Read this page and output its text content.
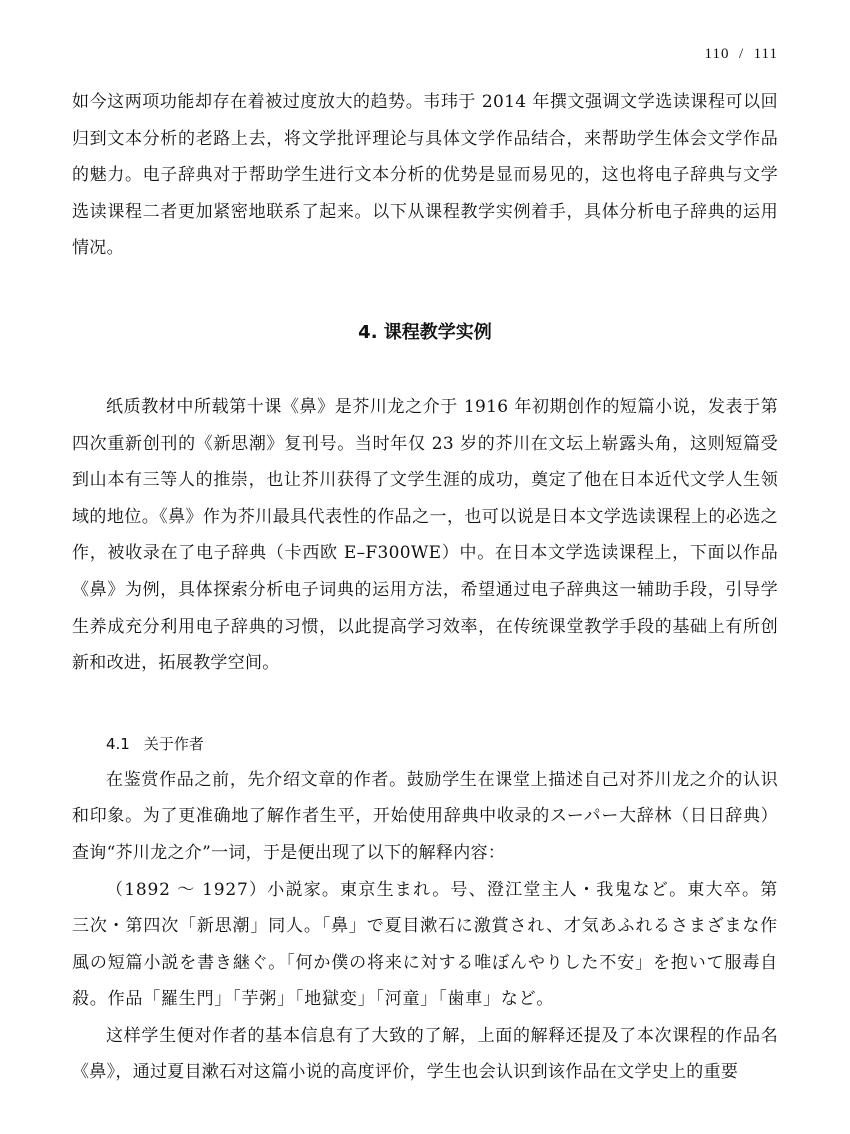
110  /  111

如今这两项功能却存在着被过度放大的趋势。韦玮于 2014 年撰文强调文学选读课程可以回归到文本分析的老路上去，将文学批评理论与具体文学作品结合，来帮助学生体会文学作品的魅力。电子辞典对于帮助学生进行文本分析的优势是显而易见的，这也将电子辞典与文学选读课程二者更加紧密地联系了起来。以下从课程教学实例着手，具体分析电子辞典的运用情况。

4. 课程教学实例

纸质教材中所载第十课《鼻》是芥川龙之介于 1916 年初期创作的短篇小说，发表于第四次重新创刊的《新思潮》复刊号。当时年仅 23 岁的芥川在文坛上崭露头角，这则短篇受到山本有三等人的推崇，也让芥川获得了文学生涯的成功，奠定了他在日本近代文学人生领域的地位。《鼻》作为芥川最具代表性的作品之一，也可以说是日本文学选读课程上的必选之作，被收录在了电子辞典（卡西欧 E–F300WE）中。在日本文学选读课程上，下面以作品《鼻》为例，具体探索分析电子词典的运用方法，希望通过电子辞典这一辅助手段，引导学生养成充分利用电子辞典的习惯，以此提高学习效率，在传统课堂教学手段的基础上有所创新和改进，拓展教学空间。

4.1 关于作者

在鉴赏作品之前，先介绍文章的作者。鼓励学生在课堂上描述自己对芥川龙之介的认识和印象。为了更准确地了解作者生平，开始使用辞典中收录的スーパー大辞林（日日辞典）查询“芥川龙之介”一词，于是便出现了以下的解释内容：

（1892 ～ 1927）小説家。東京生まれ。号、澄江堂主人・我鬼など。東大卒。第三次・第四次「新思潮」同人。「鼻」で夏目漱石に激賞され、才気あふれるさまざまな作風の短篇小説を書き継ぐ。「何か僕の将来に対する唯ぼんやりした不安」を抱いて服毒自殺。作品「羅生門」「芋粥」「地獄変」「河童」「歯車」など。

这样学生便对作者的基本信息有了大致的了解，上面的解释还提及了本次课程的作品名《鼻》，通过夏目漱石对这篇小说的高度评价，学生也会认识到该作品在文学史上的重要
